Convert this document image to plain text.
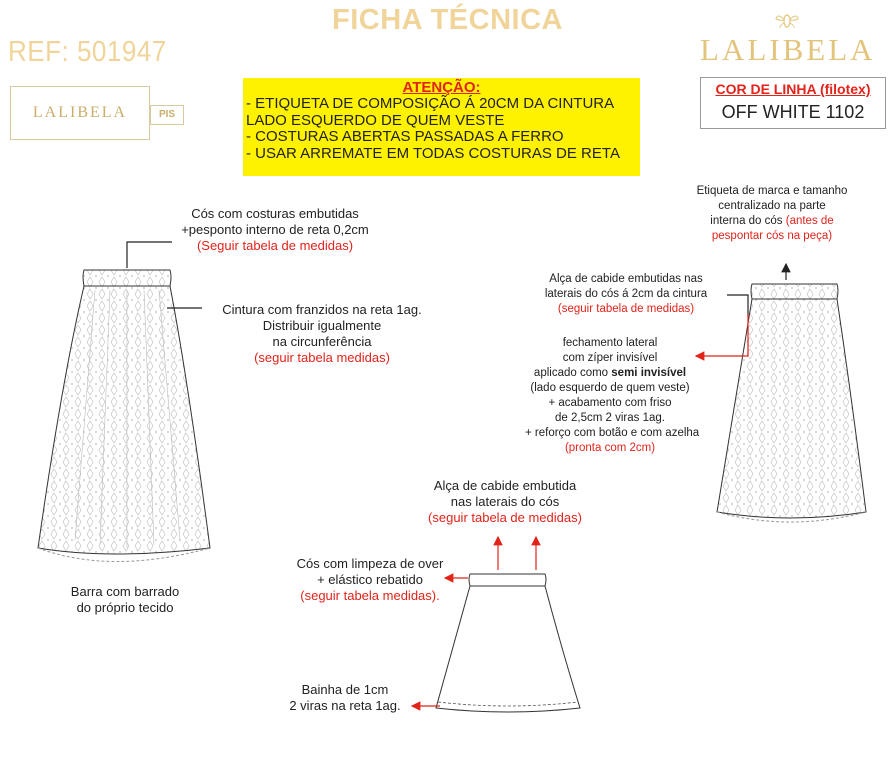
FICHA TÉCNICA
REF: 501947	LALIBELA
LALIBELA	PIS
ATENÇÃO:
- ETIQUETA DE COMPOSIÇÃO Á 20CM DA CINTURA
LADO ESQUERDO DE QUEM VESTE
- COSTURAS ABERTAS PASSADAS A FERRO
- USAR ARREMATE EM TODAS COSTURAS DE RETA
COR DE LINHA (filotex)
OFF WHITE 1102
Cós com costuras embutidas
+pesponto interno de reta 0,2cm
(Seguir tabela de medidas)
Cintura com franzidos na reta 1ag.
Distribuir igualmente
na circunferência
(seguir tabela medidas)
Barra com barrado
do próprio tecido
Etiqueta de marca e tamanho
centralizado na parte
interna do cós (antes de
pespontar cós na peça)
Alça de cabide embutidas nas
laterais do cós á 2cm da cintura
(seguir tabela de medidas)
fechamento lateral
com zíper invisível
aplicado como semi invisível
(lado esquerdo de quem veste)
+ acabamento com friso
de 2,5cm 2 viras 1ag.
+ reforço com botão e com azelha
(pronta com 2cm)
Alça de cabide embutida
nas laterais do cós
(seguir tabela de medidas)
Cós com limpeza de over
+ elástico rebatido
(seguir tabela medidas).
Bainha de 1cm
2 viras na reta 1ag.
